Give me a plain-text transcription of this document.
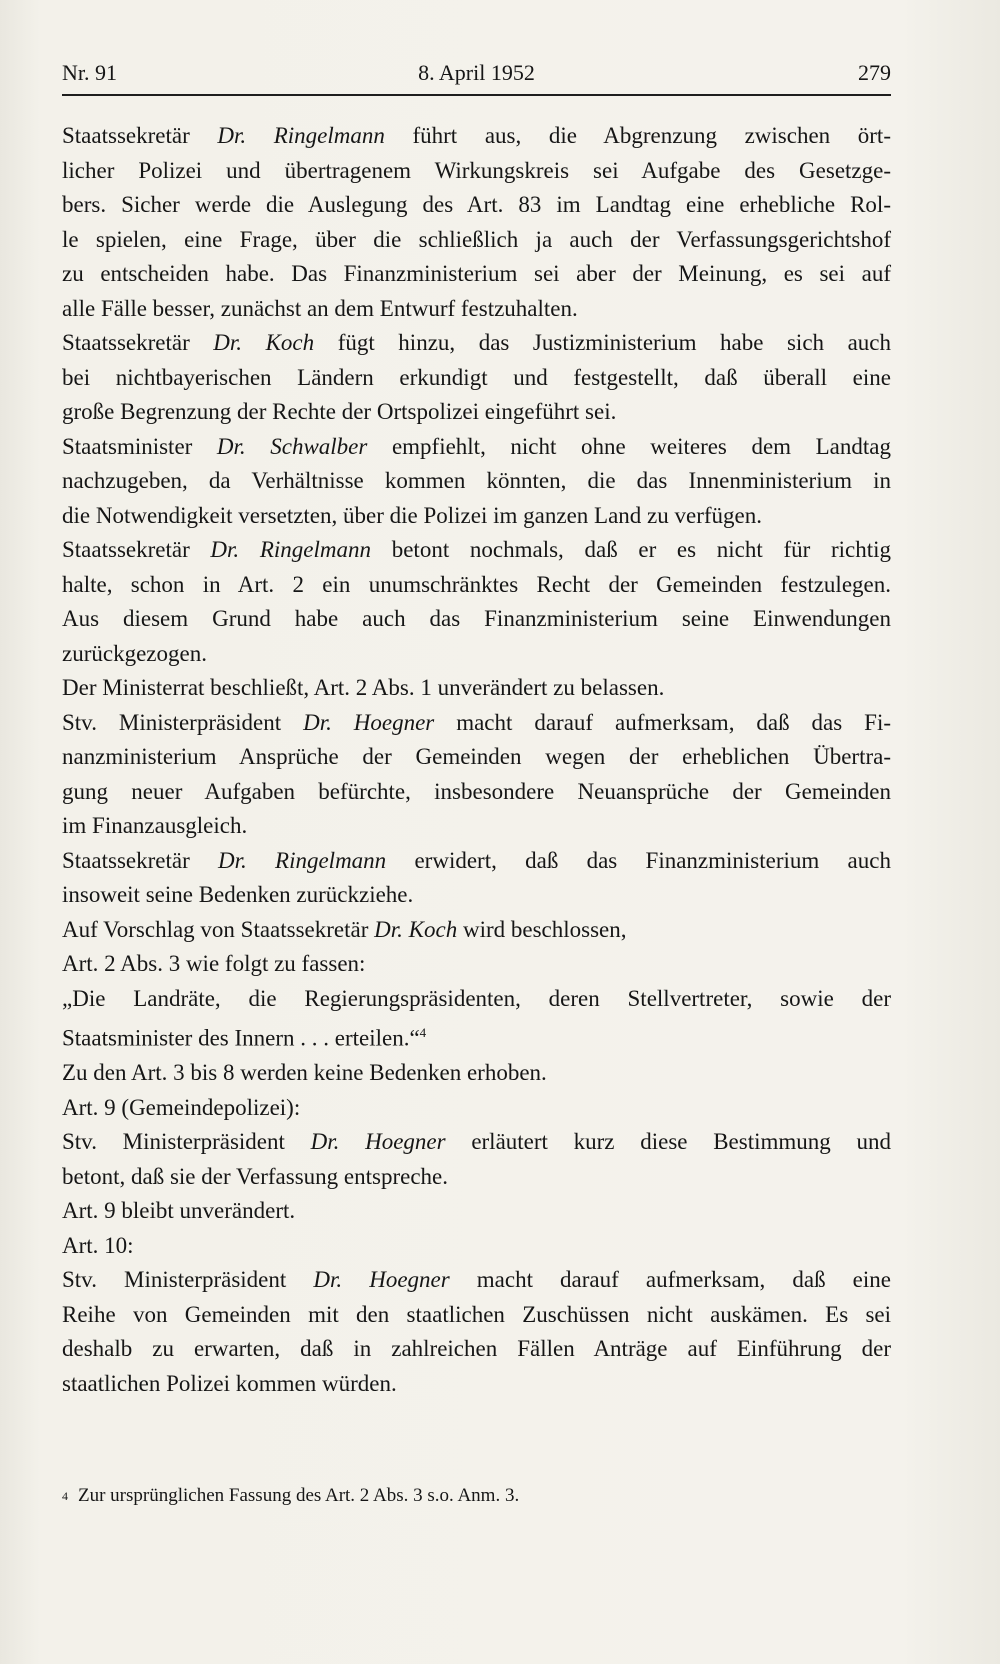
Nr. 91	8. April 1952	279
Staatssekretär Dr. Ringelmann führt aus, die Abgrenzung zwischen ört-
licher Polizei und übertragenem Wirkungskreis sei Aufgabe des Gesetzge-
bers. Sicher werde die Auslegung des Art. 83 im Landtag eine erhebliche Rol-
le spielen, eine Frage, über die schließlich ja auch der Verfassungsgerichtshof
zu entscheiden habe. Das Finanzministerium sei aber der Meinung, es sei auf
alle Fälle besser, zunächst an dem Entwurf festzuhalten.
Staatssekretär Dr. Koch fügt hinzu, das Justizministerium habe sich auch
bei nichtbayerischen Ländern erkundigt und festgestellt, daß überall eine
große Begrenzung der Rechte der Ortspolizei eingeführt sei.
Staatsminister Dr. Schwalber empfiehlt, nicht ohne weiteres dem Landtag
nachzugeben, da Verhältnisse kommen könnten, die das Innenministerium in
die Notwendigkeit versetzten, über die Polizei im ganzen Land zu verfügen.
Staatssekretär Dr. Ringelmann betont nochmals, daß er es nicht für richtig
halte, schon in Art. 2 ein unumschränktes Recht der Gemeinden festzulegen.
Aus diesem Grund habe auch das Finanzministerium seine Einwendungen
zurückgezogen.
Der Ministerrat beschließt, Art. 2 Abs. 1 unverändert zu belassen.
Stv. Ministerpräsident Dr. Hoegner macht darauf aufmerksam, daß das Fi-
nanzministerium Ansprüche der Gemeinden wegen der erheblichen Übertra-
gung neuer Aufgaben befürchte, insbesondere Neuansprüche der Gemeinden
im Finanzausgleich.
Staatssekretär Dr. Ringelmann erwidert, daß das Finanzministerium auch
insoweit seine Bedenken zurückziehe.
Auf Vorschlag von Staatssekretär Dr. Koch wird beschlossen,
Art. 2 Abs. 3 wie folgt zu fassen:
„Die Landräte, die Regierungspräsidenten, deren Stellvertreter, sowie der
Staatsminister des Innern . . . erteilen.“$^4$
Zu den Art. 3 bis 8 werden keine Bedenken erhoben.
Art. 9 (Gemeindepolizei):
Stv. Ministerpräsident Dr. Hoegner erläutert kurz diese Bestimmung und
betont, daß sie der Verfassung entspreche.
Art. 9 bleibt unverändert.
Art. 10:
Stv. Ministerpräsident Dr. Hoegner macht darauf aufmerksam, daß eine
Reihe von Gemeinden mit den staatlichen Zuschüssen nicht auskämen. Es sei
deshalb zu erwarten, daß in zahlreichen Fällen Anträge auf Einführung der
staatlichen Polizei kommen würden.
$^4$ Zur ursprünglichen Fassung des Art. 2 Abs. 3 s.o. Anm. 3.
